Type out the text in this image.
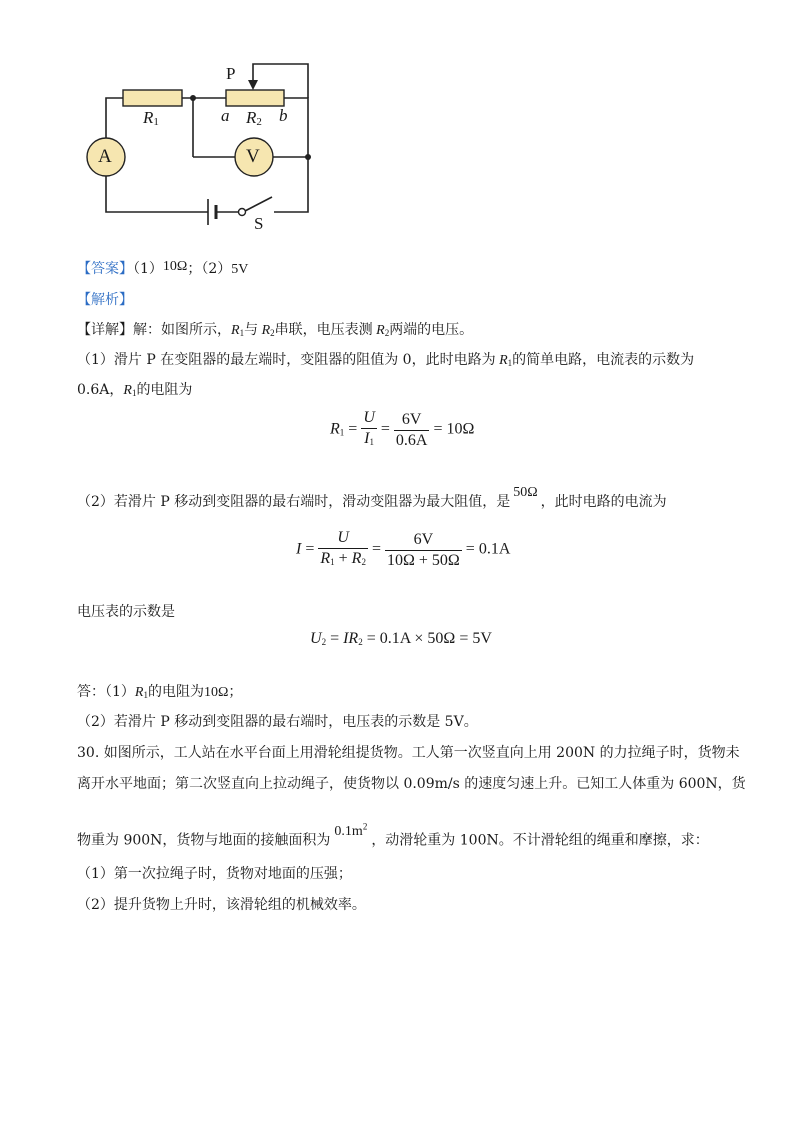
P
$R_1$	a $R_2$ b
A	V
S
【答案】（1）10Ω；（2）5V
【解析】
【详解】解：如图所示，$R_1$与 $R_2$串联，电压表测 $R_2$两端的电压。
（1）滑片 P 在变阻器的最左端时，变阻器的阻值为 0，此时电路为 $R_1$的简单电路，电流表的示数为
0.6A，$R_1$的电阻为
$R_1 = \frac{U}{I_1} = \frac{6V}{0.6A} = 10\Omega$
（2）若滑片 P 移动到变阻器的最右端时，滑动变阻器为最大阻值，是50Ω，此时电路的电流为
$I = \frac{U}{R_1 + R_2} = \frac{6V}{10\Omega + 50\Omega} = 0.1A$
电压表的示数是
$U_2 = IR_2 = 0.1A \times 50\Omega = 5V$
答：$(1)R_1$的电阻为10Ω；
（2）若滑片 P 移动到变阻器的最右端时，电压表的示数是 5V。
30. 如图所示，工人站在水平台面上用滑轮组提货物。工人第一次竖直向上用 200N 的力拉绳子时，货物未
离开水平地面；第二次竖直向上拉动绳子，使货物以 0.09m/s 的速度匀速上升。已知工人体重为 600N，货
物重为 900N，货物与地面的接触面积为$0.1m^2$，动滑轮重为 100N。不计滑轮组的绳重和摩擦，求：
（1）第一次拉绳子时，货物对地面的压强；
（2）提升货物上升时，该滑轮组的机械效率。
